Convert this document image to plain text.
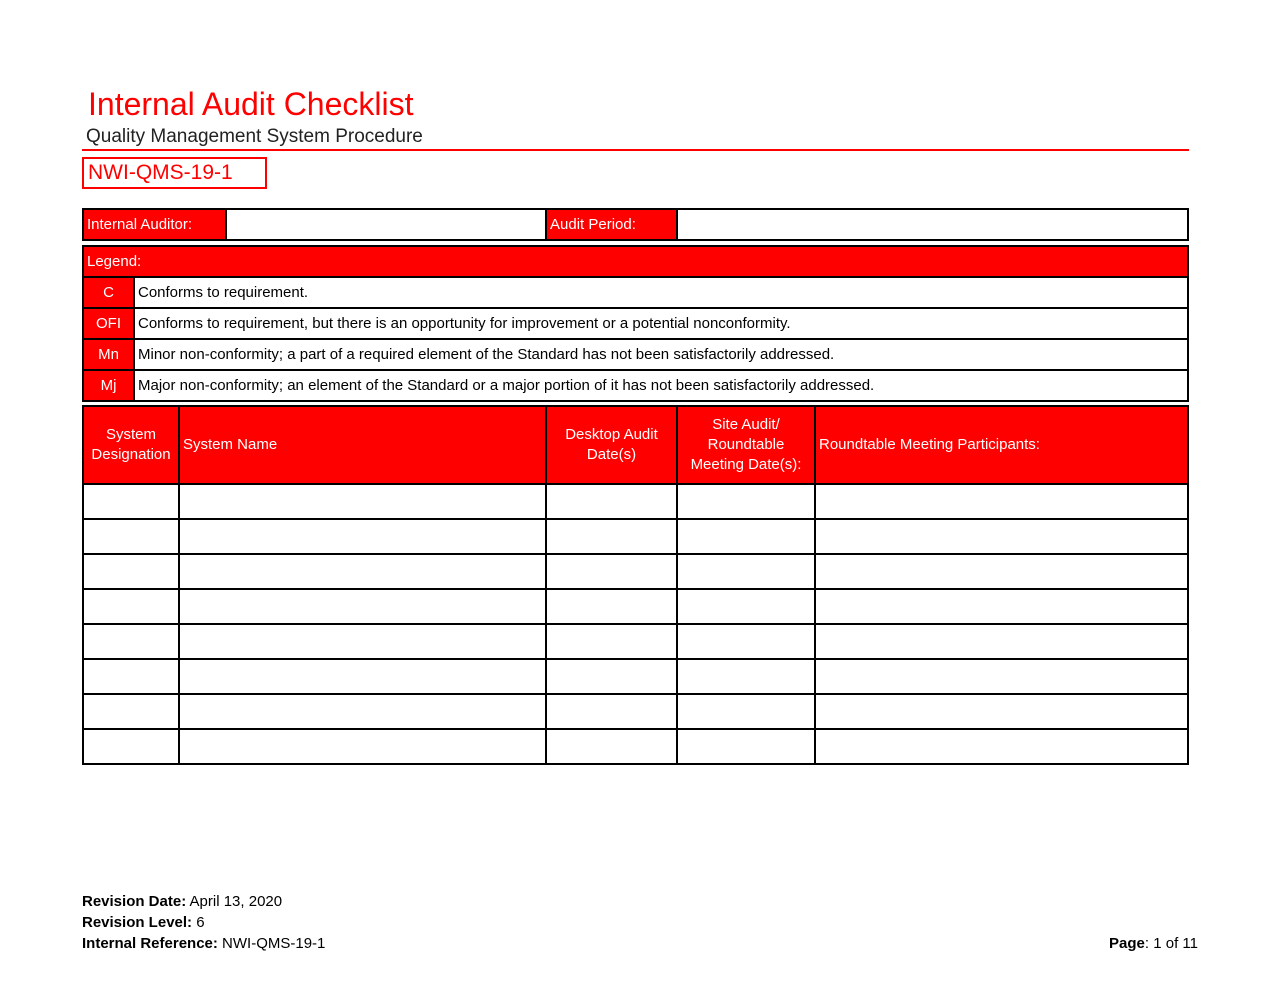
Internal Audit Checklist
Quality Management System Procedure
NWI-QMS-19-1
Internal Auditor:		Audit Period:	
Legend:	
C	Conforms to requirement.
OFI	Conforms to requirement, but there is an opportunity for improvement or a potential nonconformity.
Mn	Minor non-conformity; a part of a required element of the Standard has not been satisfactorily addressed.
Mj	Major non-conformity; an element of the Standard or a major portion of it has not been satisfactorily addressed.
System Designation	System Name	Desktop Audit Date(s)	Site Audit/ Roundtable Meeting Date(s):	Roundtable Meeting Participants:

Revision Date: April 13, 2020
Revision Level: 6
Internal Reference: NWI-QMS-19-1	Page: 1 of 11
